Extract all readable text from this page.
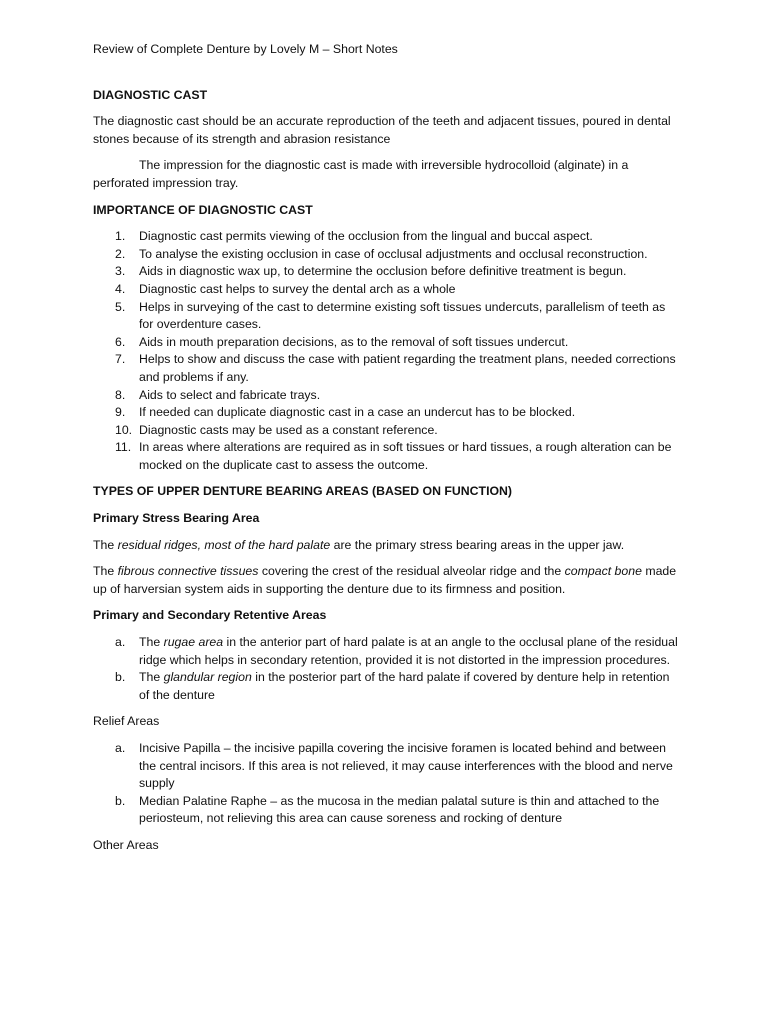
Review of Complete Denture by Lovely M – Short Notes
DIAGNOSTIC CAST
The diagnostic cast should be an accurate reproduction of the teeth and adjacent tissues, poured in dental stones because of its strength and abrasion resistance
The impression for the diagnostic cast is made with irreversible hydrocolloid (alginate) in a perforated impression tray.
IMPORTANCE OF DIAGNOSTIC CAST
1. Diagnostic cast permits viewing of the occlusion from the lingual and buccal aspect.
2. To analyse the existing occlusion in case of occlusal adjustments and occlusal reconstruction.
3. Aids in diagnostic wax up, to determine the occlusion before definitive treatment is begun.
4. Diagnostic cast helps to survey the dental arch as a whole
5. Helps in surveying of the cast to determine existing soft tissues undercuts, parallelism of teeth as for overdenture cases.
6. Aids in mouth preparation decisions, as to the removal of soft tissues undercut.
7. Helps to show and discuss the case with patient regarding the treatment plans, needed corrections and problems if any.
8. Aids to select and fabricate trays.
9. If needed can duplicate diagnostic cast in a case an undercut has to be blocked.
10. Diagnostic casts may be used as a constant reference.
11. In areas where alterations are required as in soft tissues or hard tissues, a rough alteration can be mocked on the duplicate cast to assess the outcome.
TYPES OF UPPER DENTURE BEARING AREAS (BASED ON FUNCTION)
Primary Stress Bearing Area
The residual ridges, most of the hard palate are the primary stress bearing areas in the upper jaw.
The fibrous connective tissues covering the crest of the residual alveolar ridge and the compact bone made up of harversian system aids in supporting the denture due to its firmness and position.
Primary and Secondary Retentive Areas
a. The rugae area in the anterior part of hard palate is at an angle to the occlusal plane of the residual ridge which helps in secondary retention, provided it is not distorted in the impression procedures.
b. The glandular region in the posterior part of the hard palate if covered by denture help in retention of the denture
Relief Areas
a. Incisive Papilla – the incisive papilla covering the incisive foramen is located behind and between the central incisors. If this area is not relieved, it may cause interferences with the blood and nerve supply
b. Median Palatine Raphe – as the mucosa in the median palatal suture is thin and attached to the periosteum, not relieving this area can cause soreness and rocking of denture
Other Areas
